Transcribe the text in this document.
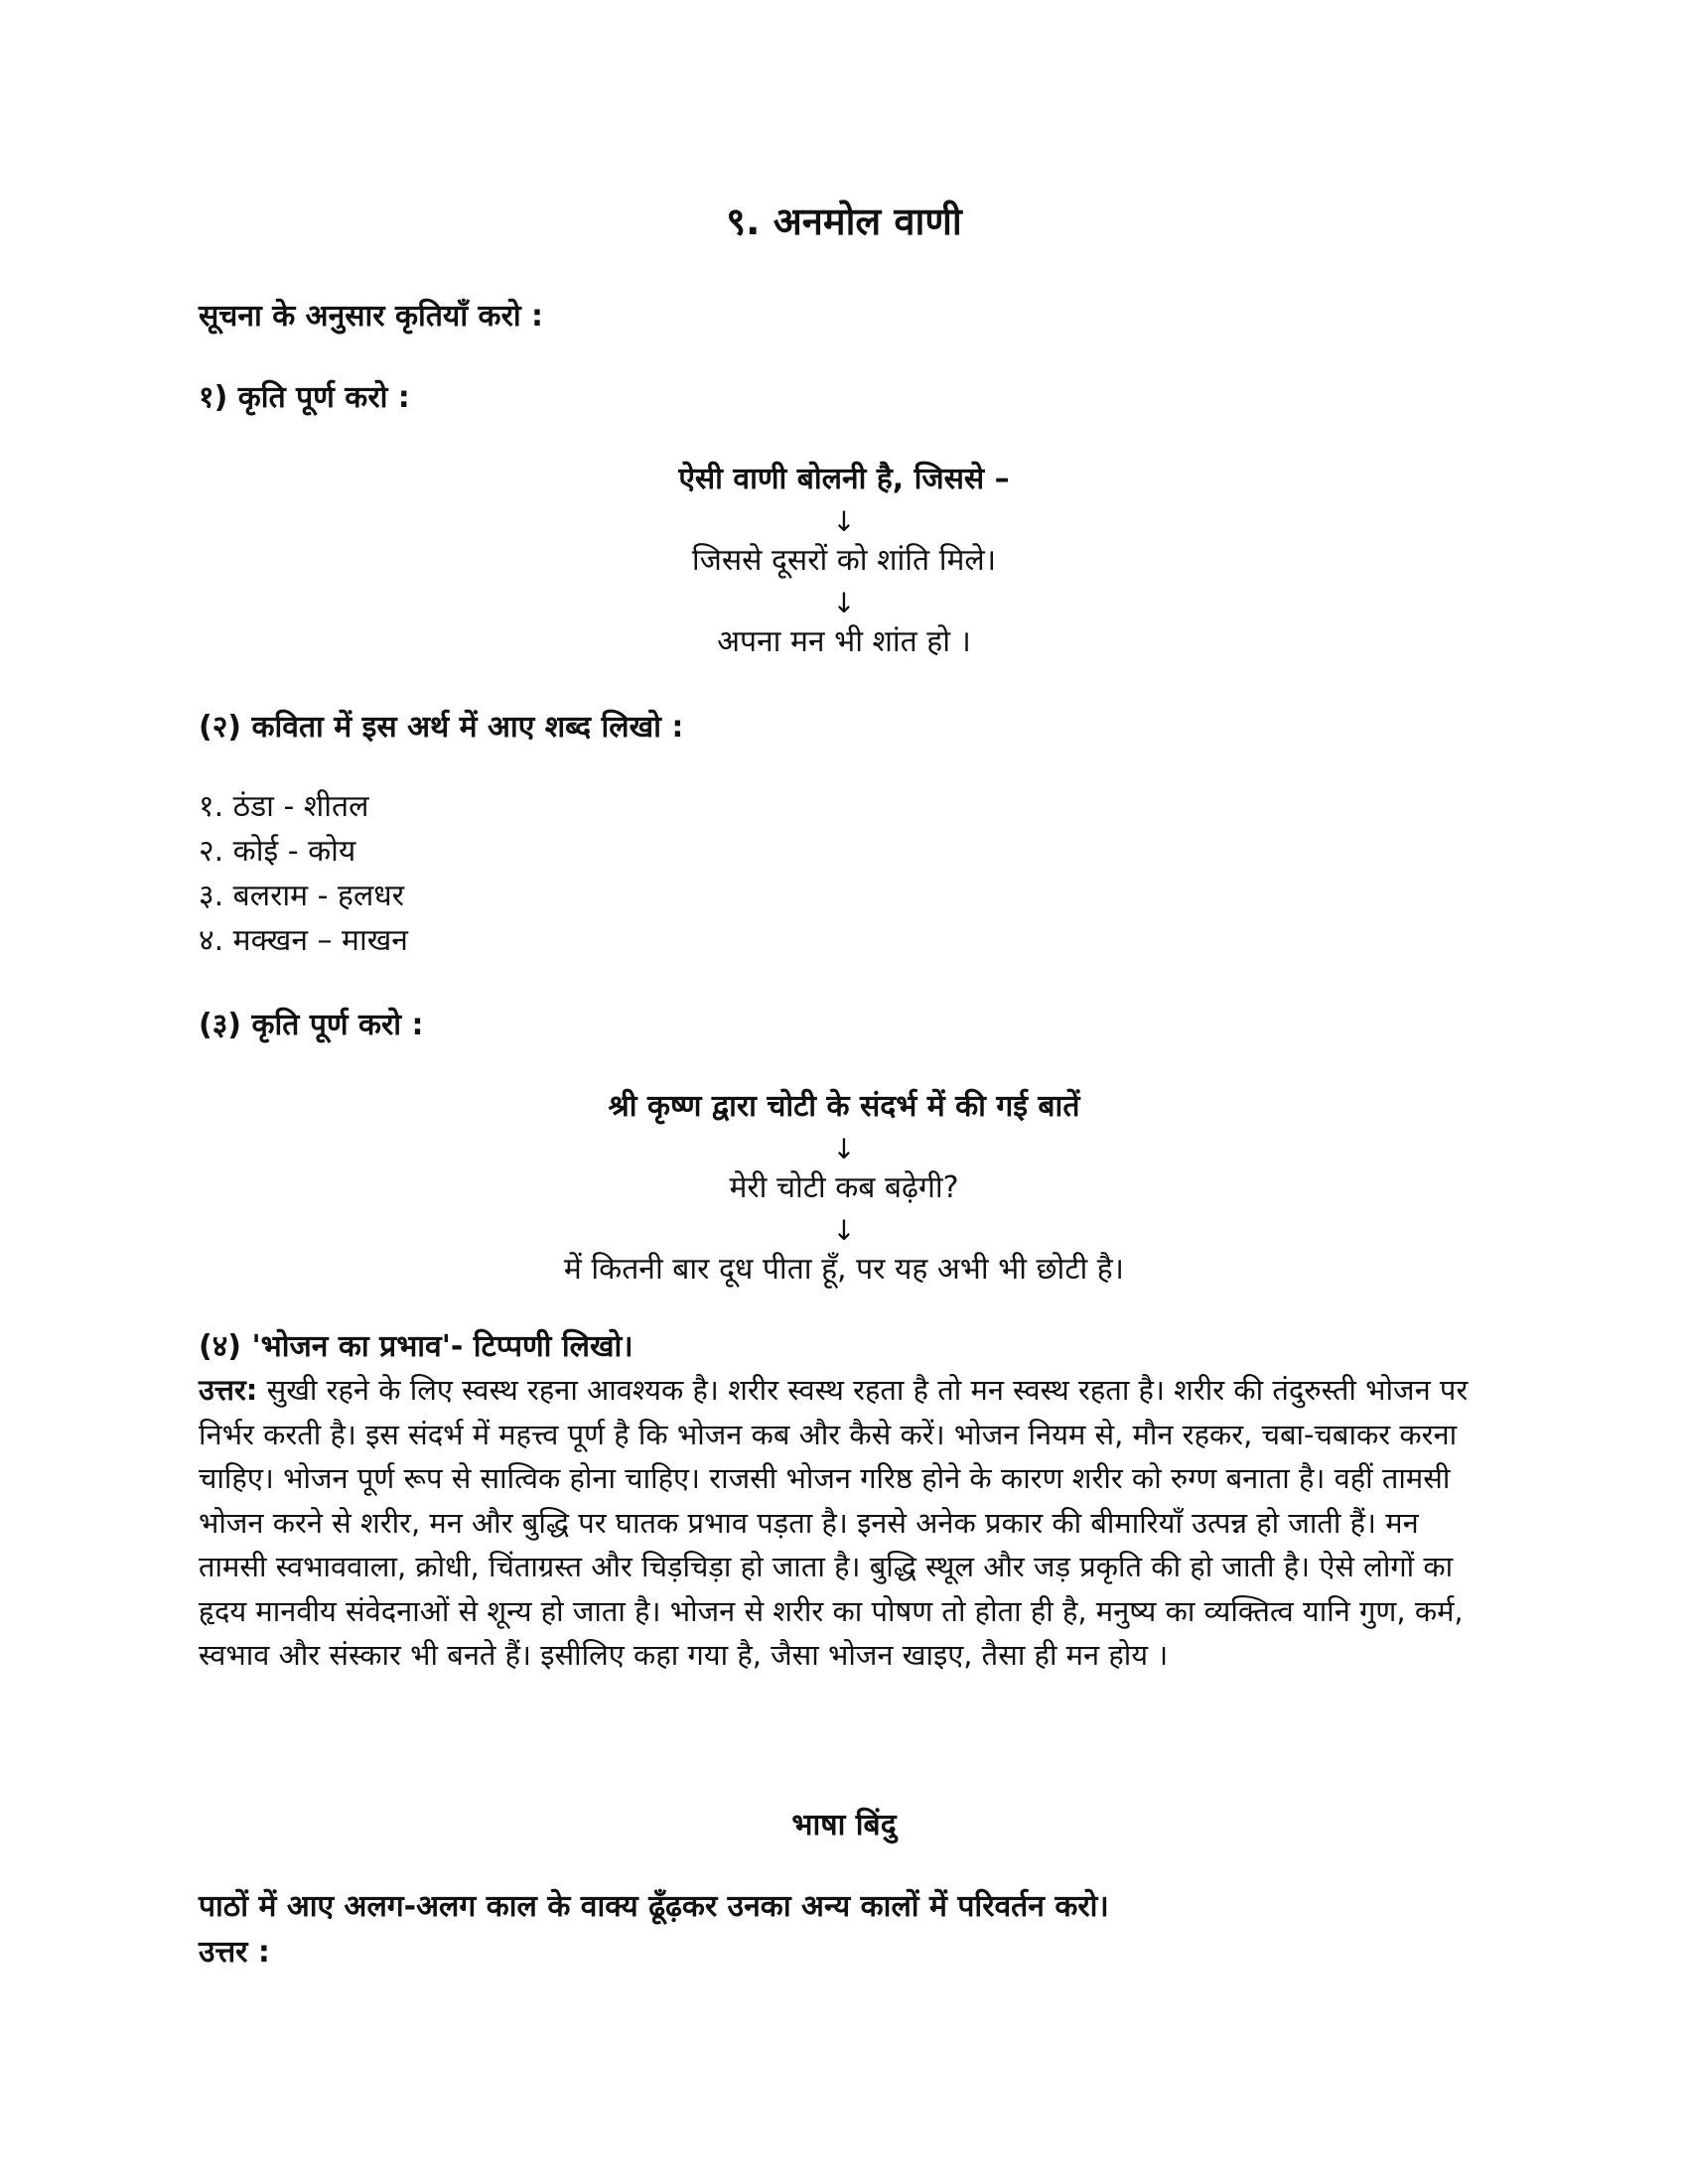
९. अनमोल वाणी
सूचना के अनुसार कृतियाँ करो :
१) कृति पूर्ण करो :
ऐसी वाणी बोलनी है, जिससे –
↓
जिससे दूसरों को शांति मिले।
↓
अपना मन भी शांत हो ।
(२) कविता में इस अर्थ में आए शब्द लिखो :
१. ठंडा - शीतल
२. कोई - कोय
३. बलराम - हलधर
४. मक्खन – माखन
(३) कृति पूर्ण करो :
श्री कृष्ण द्वारा चोटी के संदर्भ में की गई बातें
↓
मेरी चोटी कब बढ़ेगी?
↓
में कितनी बार दूध पीता हूँ, पर यह अभी भी छोटी है।
(४) 'भोजन का प्रभाव'- टिप्पणी लिखो।
उत्तर: सुखी रहने के लिए स्वस्थ रहना आवश्यक है। शरीर स्वस्थ रहता है तो मन स्वस्थ रहता है। शरीर की तंदुरुस्ती भोजन पर निर्भर करती है। इस संदर्भ में महत्त्व पूर्ण है कि भोजन कब और कैसे करें। भोजन नियम से, मौन रहकर, चबा-चबाकर करना चाहिए। भोजन पूर्ण रूप से सात्विक होना चाहिए। राजसी भोजन गरिष्ठ होने के कारण शरीर को रुग्ण बनाता है। वहीं तामसी भोजन करने से शरीर, मन और बुद्धि पर घातक प्रभाव पड़ता है। इनसे अनेक प्रकार की बीमारियाँ उत्पन्न हो जाती हैं। मन तामसी स्वभाववाला, क्रोधी, चिंताग्रस्त और चिड़चिड़ा हो जाता है। बुद्धि स्थूल और जड़ प्रकृति की हो जाती है। ऐसे लोगों का हृदय मानवीय संवेदनाओं से शून्य हो जाता है। भोजन से शरीर का पोषण तो होता ही है, मनुष्य का व्यक्तित्व यानि गुण, कर्म, स्वभाव और संस्कार भी बनते हैं। इसीलिए कहा गया है, जैसा भोजन खाइए, तैसा ही मन होय ।
भाषा बिंदु
पाठों में आए अलग-अलग काल के वाक्य ढूँढ़कर उनका अन्य कालों में परिवर्तन करो।
उत्तर :
